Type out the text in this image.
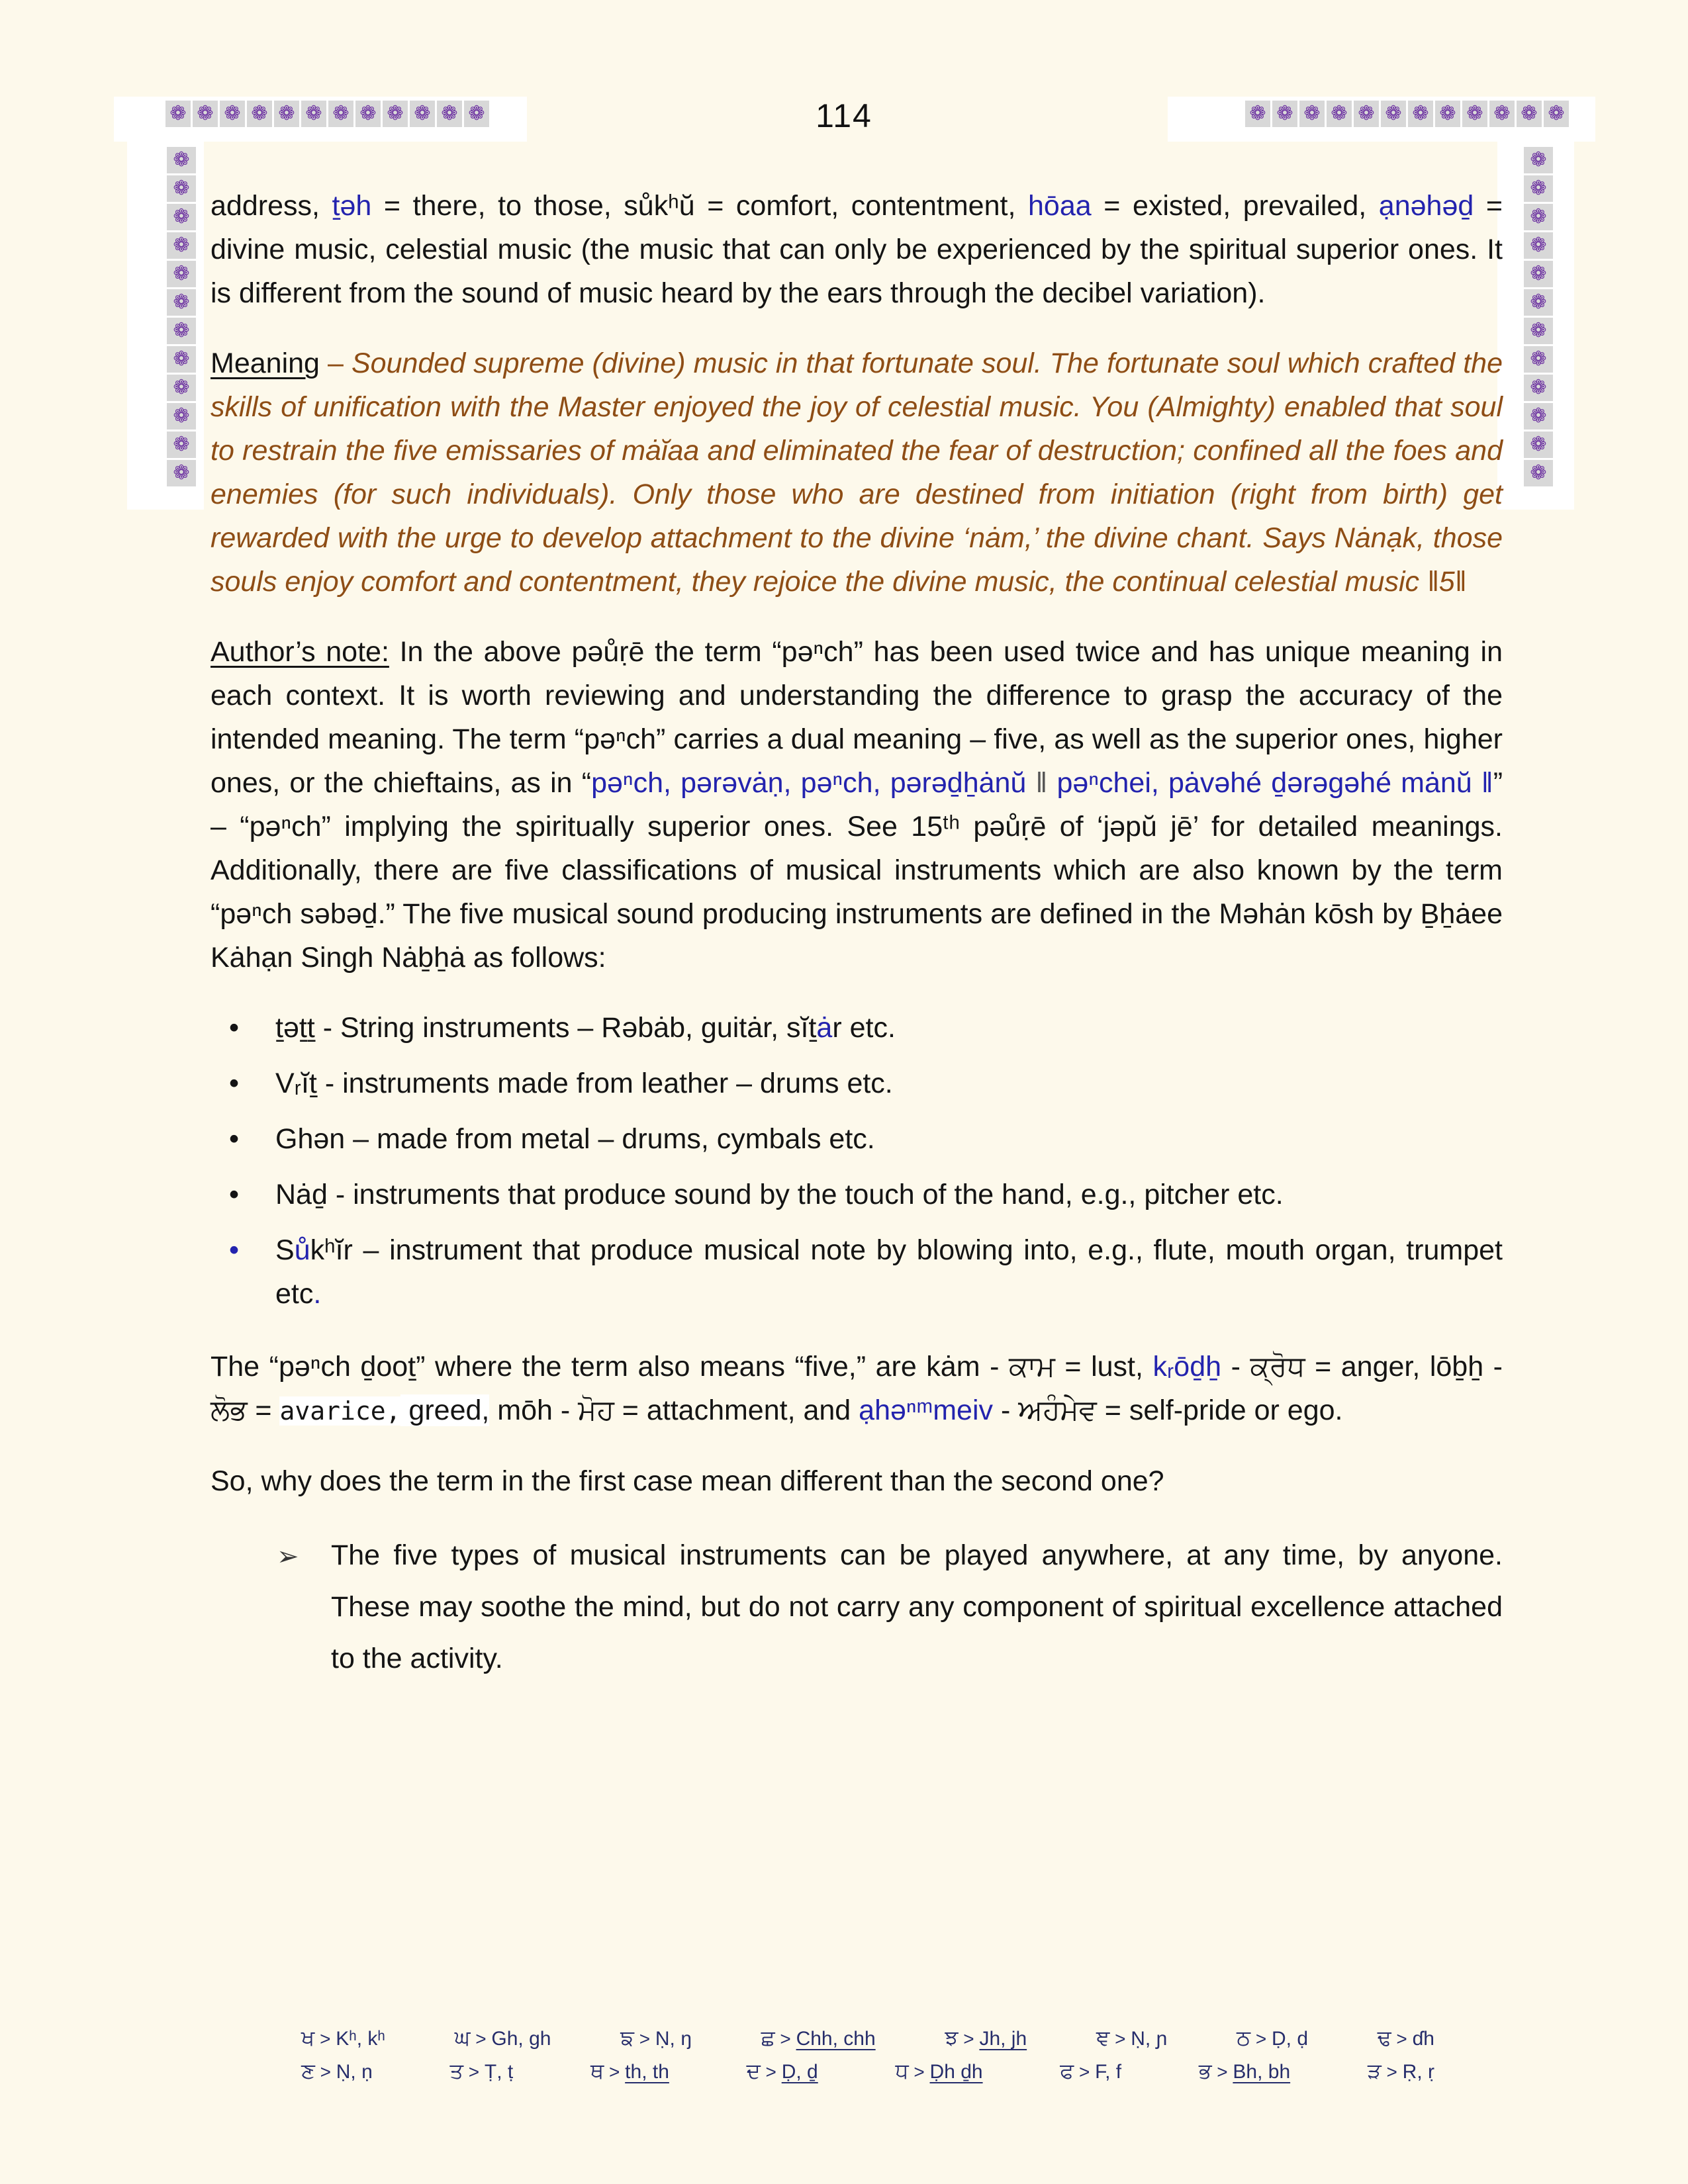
❁ ❁ ❁ ❁ ❁ ❁ ❁ ❁ ❁ ❁ ❁ ❁	❁ ❁ ❁ ❁ ❁ ❁ ❁ ❁ ❁ ❁ ❁ ❁
❁
❁
❁
❁
❁
❁
❁
❁
❁
❁
❁
❁
❁
❁
❁
❁
❁
❁
❁
❁
❁
❁
❁
❁
114

address, ṯəh = there, to those, sůkʰŭ = comfort, contentment, hōaa = existed, prevailed, ạnəhəḏ = divine music, celestial music (the music that can only be experienced by the spiritual superior ones. It is different from the sound of music heard by the ears through the decibel variation).

Meaning – Sounded supreme (divine) music in that fortunate soul. The fortunate soul which crafted the skills of unification with the Master enjoyed the joy of celestial music. You (Almighty) enabled that soul to restrain the five emissaries of mȧĭaa and eliminated the fear of destruction; confined all the foes and enemies (for such individuals). Only those who are destined from initiation (right from birth) get rewarded with the urge to develop attachment to the divine ‘nȧm,’ the divine chant. Says Nȧnạk, those souls enjoy comfort and contentment, they rejoice the divine music, the continual celestial music ‖5‖

Author’s note: In the above pəůṛē the term “pəⁿch” has been used twice and has unique meaning in each context. It is worth reviewing and understanding the difference to grasp the accuracy of the intended meaning. The term “pəⁿch” carries a dual meaning – five, as well as the superior ones, higher ones, or the chieftains, as in “pəⁿch, pərəvȧṇ, pəⁿch, pərəḏẖȧnŭ ‖ pəⁿchei, pȧvəhé ḏərəgəhé mȧnŭ ‖” – “pəⁿch” implying the spiritually superior ones. See 15ᵗʰ pəůṛē of ‘jəpŭ jē’ for detailed meanings. Additionally, there are five classifications of musical instruments which are also known by the term “pəⁿch səbəḏ.” The five musical sound producing instruments are defined in the Məhȧn kōsh by Ḇẖȧee Kȧhạn Singh Nȧḇẖȧ as follows:

• ṯəṯṯ - String instruments – Rəbȧb, guitȧr, sĭṯȧr etc.
• Vᵣĭṯ - instruments made from leather – drums etc.
• Ghən – made from metal – drums, cymbals etc.
• Nȧḏ - instruments that produce sound by the touch of the hand, e.g., pitcher etc.
• Sůkʰĭr – instrument that produce musical note by blowing into, e.g., flute, mouth organ, trumpet etc.

The “pəⁿch ḏooṯ” where the term also means “five,” are kȧm - ਕਾਮ = lust, kᵣōḏẖ - ਕ੍ਰੋਧ = anger, lōḇẖ - ਲੋਭ = avarice, greed, mōh - ਮੋਹ = attachment, and ạhəⁿᵐmeiv - ਅਹੰਮੇਵ = self-pride or ego.

So, why does the term in the first case mean different than the second one?

➢ The five types of musical instruments can be played anywhere, at any time, by anyone. These may soothe the mind, but do not carry any component of spiritual excellence attached to the activity.

ਖ > Kʰ, kʰ	ਘ > Gh, gh	ਙ > Ṇ, ŋ	ਛ > Chh, chh	ਝ > Jh, jh	ਞ > Ṇ, ɲ	ਠ > Ḍ, ḍ	ਢ > ɗh
ਣ > Ṇ, ṇ	ਤ > Ṭ, ṭ	ਥ > th, th	ਦ > Ḍ, ḏ	ਧ > Ḍh ḏh	ਫ > F, f	ਭ > Bh, bh	ੜ > Ṛ, ṛ
